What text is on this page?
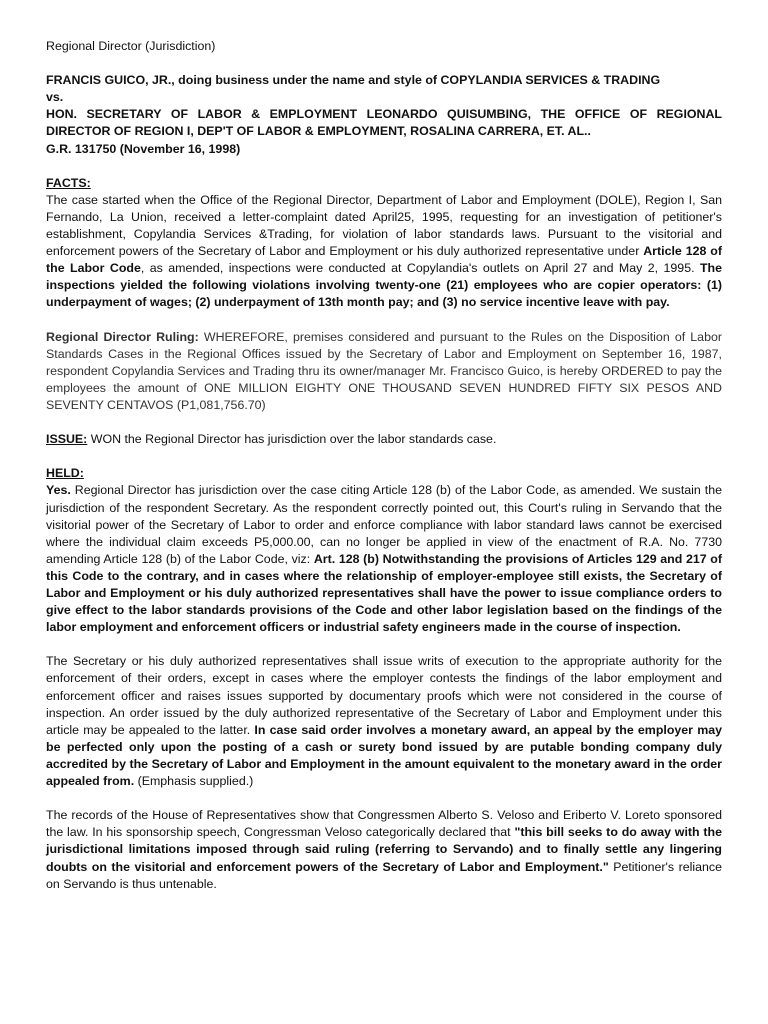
Regional Director (Jurisdiction)

FRANCIS GUICO, JR., doing business under the name and style of COPYLANDIA SERVICES & TRADING

vs.

HON. SECRETARY OF LABOR & EMPLOYMENT LEONARDO QUISUMBING, THE OFFICE OF REGIONAL DIRECTOR OF REGION I, DEP'T OF LABOR & EMPLOYMENT, ROSALINA CARRERA, ET. AL..

G.R. 131750 (November 16, 1998)

FACTS:

The case started when the Office of the Regional Director, Department of Labor and Employment (DOLE), Region I, San Fernando, La Union, received a letter-complaint dated April25, 1995, requesting for an investigation of petitioner's establishment, Copylandia Services &Trading, for violation of labor standards laws. Pursuant to the visitorial and enforcement powers of the Secretary of Labor and Employment or his duly authorized representative under Article 128 of the Labor Code, as amended, inspections were conducted at Copylandia's outlets on April 27 and May 2, 1995. The inspections yielded the following violations involving twenty-one (21) employees who are copier operators: (1) underpayment of wages; (2) underpayment of 13th month pay; and (3) no service incentive leave with pay.

Regional Director Ruling: WHEREFORE, premises considered and pursuant to the Rules on the Disposition of Labor Standards Cases in the Regional Offices issued by the Secretary of Labor and Employment on September 16, 1987, respondent Copylandia Services and Trading thru its owner/manager Mr. Francisco Guico, is hereby ORDERED to pay the employees the amount of ONE MILLION EIGHTY ONE THOUSAND SEVEN HUNDRED FIFTY SIX PESOS AND SEVENTY CENTAVOS (P1,081,756.70)

ISSUE: WON the Regional Director has jurisdiction over the labor standards case.

HELD:

Yes. Regional Director has jurisdiction over the case citing Article 128 (b) of the Labor Code, as amended. We sustain the jurisdiction of the respondent Secretary. As the respondent correctly pointed out, this Court's ruling in Servando that the visitorial power of the Secretary of Labor to order and enforce compliance with labor standard laws cannot be exercised where the individual claim exceeds P5,000.00, can no longer be applied in view of the enactment of R.A. No. 7730 amending Article 128 (b) of the Labor Code, viz: Art. 128 (b) Notwithstanding the provisions of Articles 129 and 217 of this Code to the contrary, and in cases where the relationship of employer-employee still exists, the Secretary of Labor and Employment or his duly authorized representatives shall have the power to issue compliance orders to give effect to the labor standards provisions of the Code and other labor legislation based on the findings of the labor employment and enforcement officers or industrial safety engineers made in the course of inspection.

The Secretary or his duly authorized representatives shall issue writs of execution to the appropriate authority for the enforcement of their orders, except in cases where the employer contests the findings of the labor employment and enforcement officer and raises issues supported by documentary proofs which were not considered in the course of inspection. An order issued by the duly authorized representative of the Secretary of Labor and Employment under this article may be appealed to the latter. In case said order involves a monetary award, an appeal by the employer may be perfected only upon the posting of a cash or surety bond issued by are putable bonding company duly accredited by the Secretary of Labor and Employment in the amount equivalent to the monetary award in the order appealed from. (Emphasis supplied.)

The records of the House of Representatives show that Congressmen Alberto S. Veloso and Eriberto V. Loreto sponsored the law. In his sponsorship speech, Congressman Veloso categorically declared that "this bill seeks to do away with the jurisdictional limitations imposed through said ruling (referring to Servando) and to finally settle any lingering doubts on the visitorial and enforcement powers of the Secretary of Labor and Employment." Petitioner's reliance on Servando is thus untenable.
